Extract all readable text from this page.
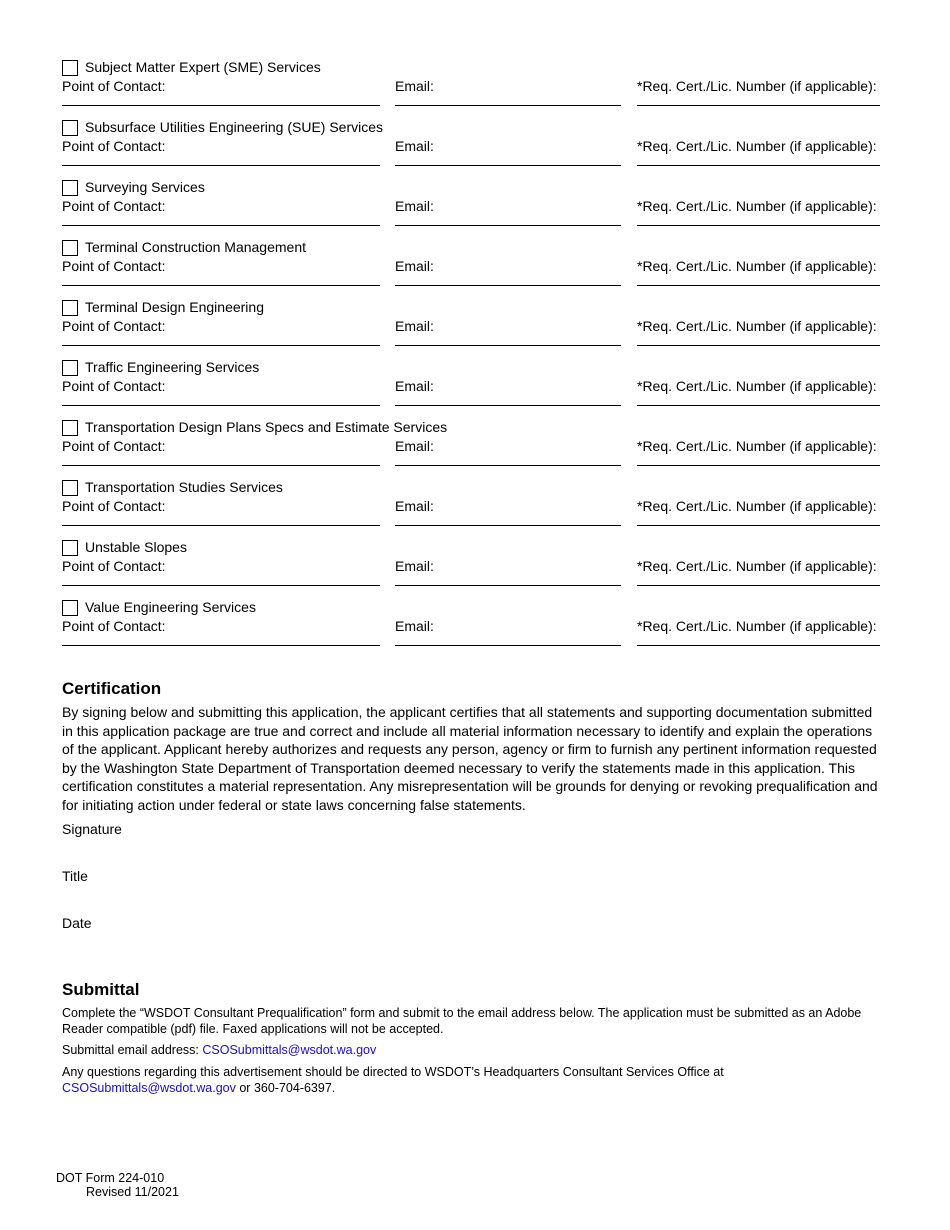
Subject Matter Expert (SME) Services
Point of Contact:	Email:	*Req. Cert./Lic. Number (if applicable):
Subsurface Utilities Engineering (SUE) Services
Point of Contact:	Email:	*Req. Cert./Lic. Number (if applicable):
Surveying Services
Point of Contact:	Email:	*Req. Cert./Lic. Number (if applicable):
Terminal Construction Management
Point of Contact:	Email:	*Req. Cert./Lic. Number (if applicable):
Terminal Design Engineering
Point of Contact:	Email:	*Req. Cert./Lic. Number (if applicable):
Traffic Engineering Services
Point of Contact:	Email:	*Req. Cert./Lic. Number (if applicable):
Transportation Design Plans Specs and Estimate Services
Point of Contact:	Email:	*Req. Cert./Lic. Number (if applicable):
Transportation Studies Services
Point of Contact:	Email:	*Req. Cert./Lic. Number (if applicable):
Unstable Slopes
Point of Contact:	Email:	*Req. Cert./Lic. Number (if applicable):
Value Engineering Services
Point of Contact:	Email:	*Req. Cert./Lic. Number (if applicable):
Certification

By signing below and submitting this application, the applicant certifies that all statements and supporting documentation submitted in this application package are true and correct and include all material information necessary to identify and explain the operations of the applicant. Applicant hereby authorizes and requests any person, agency or firm to furnish any pertinent information requested by the Washington State Department of Transportation deemed necessary to verify the statements made in this application. This certification constitutes a material representation. Any misrepresentation will be grounds for denying or revoking prequalification and for initiating action under federal or state laws concerning false statements.

Signature
Title
Date
Submittal

Complete the “WSDOT Consultant Prequalification” form and submit to the email address below. The application must be submitted as an Adobe Reader compatible (pdf) file. Faxed applications will not be accepted.

Submittal email address: CSOSubmittals@wsdot.wa.gov

Any questions regarding this advertisement should be directed to WSDOT’s Headquarters Consultant Services Office at CSOSubmittals@wsdot.wa.gov or 360-704-6397.

DOT Form 224-010
Revised 11/2021
